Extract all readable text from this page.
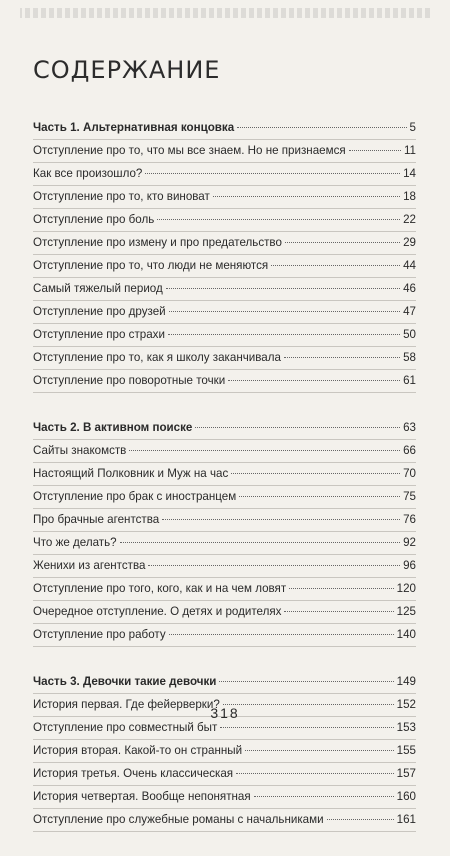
СОДЕРЖАНИЕ
Часть 1. Альтернативная концовка	5
Отступление про то, что мы все знаем. Но не признаемся	11
Как все произошло?	14
Отступление про то, кто виноват	18
Отступление про боль	22
Отступление про измену и про предательство	29
Отступление про то, что люди не меняются	44
Самый тяжелый период	46
Отступление про друзей	47
Отступление про страхи	50
Отступление про то, как я школу заканчивала	58
Отступление про поворотные точки	61
Часть 2. В активном поиске	63
Сайты знакомств	66
Настоящий Полковник и Муж на час	70
Отступление про брак с иностранцем	75
Про брачные агентства	76
Что же делать?	92
Женихи из агентства	96
Отступление про того, кого, как и на чем ловят	120
Очередное отступление. О детях и родителях	125
Отступление про работу	140
Часть 3. Девочки такие девочки	149
История первая. Где фейерверки?	152
Отступление про совместный быт	153
История вторая. Какой-то он странный	155
История третья. Очень классическая	157
История четвертая. Вообще непонятная	160
Отступление про служебные романы с начальниками	161
318
